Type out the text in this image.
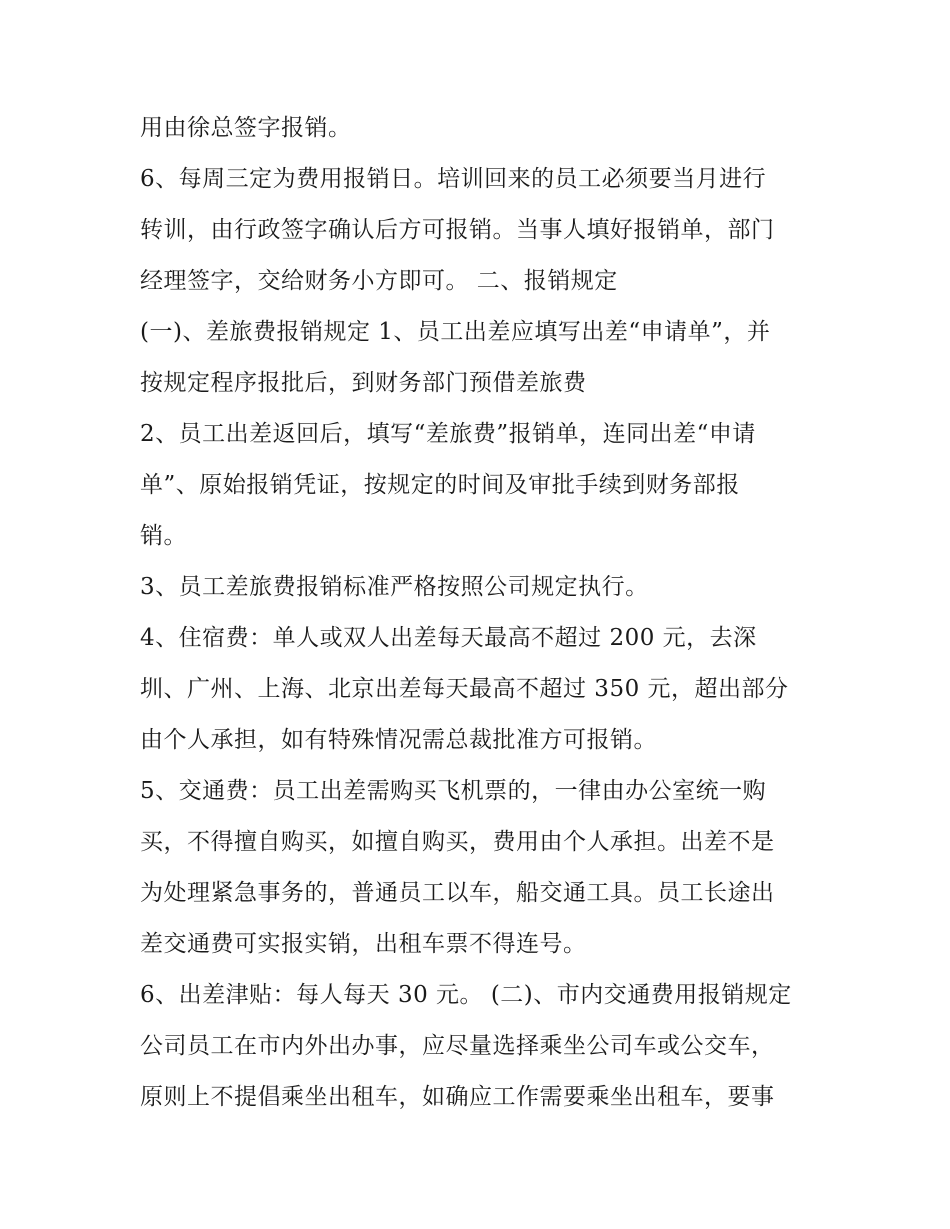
用由徐总签字报销。
6、每周三定为费用报销日。培训回来的员工必须要当月进行
转训，由行政签字确认后方可报销。当事人填好报销单，部门
经理签字，交给财务小方即可。 二、报销规定
(一)、差旅费报销规定 1、员工出差应填写出差“申请单”，并
按规定程序报批后，到财务部门预借差旅费
2、员工出差返回后，填写“差旅费”报销单，连同出差“申请
单”、原始报销凭证，按规定的时间及审批手续到财务部报
销。
3、员工差旅费报销标准严格按照公司规定执行。
4、住宿费：单人或双人出差每天最高不超过 200 元，去深
圳、广州、上海、北京出差每天最高不超过 350 元，超出部分
由个人承担，如有特殊情况需总裁批准方可报销。
5、交通费：员工出差需购买飞机票的，一律由办公室统一购
买，不得擅自购买，如擅自购买，费用由个人承担。出差不是
为处理紧急事务的，普通员工以车，船交通工具。员工长途出
差交通费可实报实销，出租车票不得连号。
6、出差津贴：每人每天 30 元。 (二)、市内交通费用报销规定
公司员工在市内外出办事，应尽量选择乘坐公司车或公交车，
原则上不提倡乘坐出租车，如确应工作需要乘坐出租车，要事
